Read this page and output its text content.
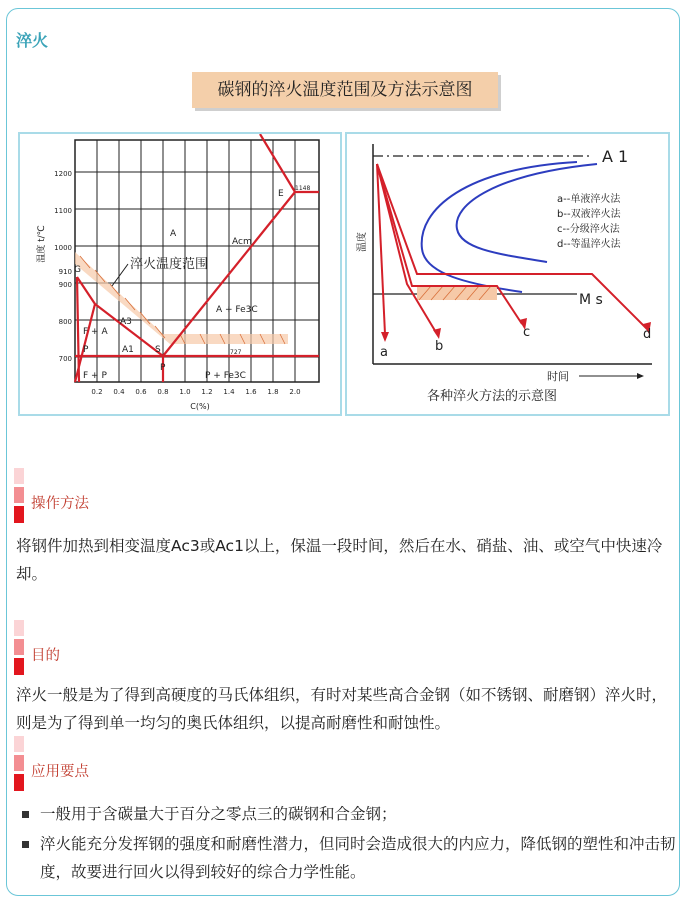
淬火
碳钢的淬火温度范围及方法示意图
1200
1100
1000
910
900
800
700
温度 t/℃
0.2 0.4 0.6 0.8 1.0 1.2 1.4 1.6 1.8 2.0
C(%)
A
Acm
A3
A1
A + Fe3C
F + A
F + P	P + Fe3C
P
P
G
S
E
1148
727
淬火温度范围
温度
时间
A 1
M s
a	b
c	d
a--单液淬火法
b--双液淬火法
c--分级淬火法
d--等温淬火法
各种淬火方法的示意图
操作方法
将钢件加热到相变温度Ac3或Ac1以上，保温一段时间，然后在水、硝盐、油、或空气中快速冷却。
目的
淬火一般是为了得到高硬度的马氏体组织，有时对某些高合金钢（如不锈钢、耐磨钢）淬火时，则是为了得到单一均匀的奥氏体组织，以提高耐磨性和耐蚀性。
应用要点
一般用于含碳量大于百分之零点三的碳钢和合金钢；
淬火能充分发挥钢的强度和耐磨性潜力，但同时会造成很大的内应力，降低钢的塑性和冲击韧度，故要进行回火以得到较好的综合力学性能。
